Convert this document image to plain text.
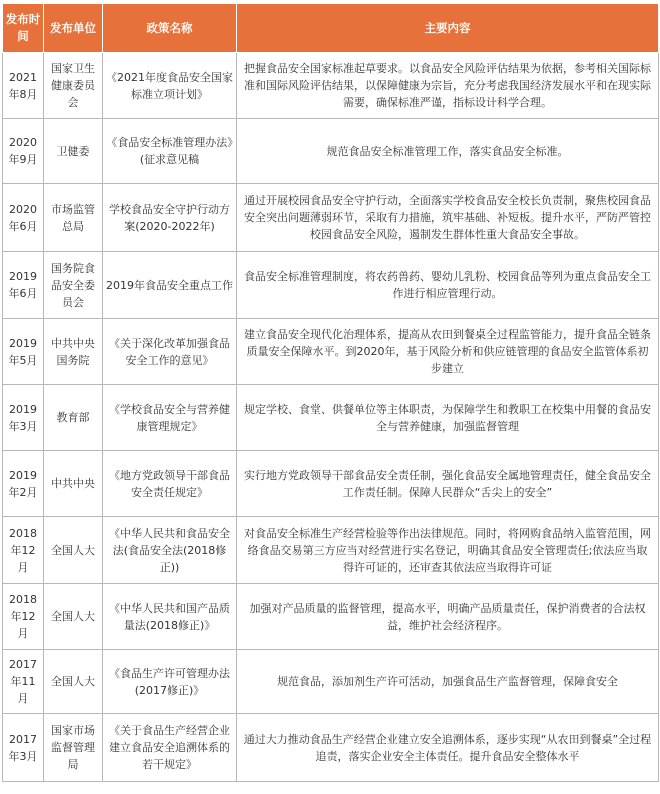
发布时间	发布单位	政策名称	主要内容
2021年8月	国家卫生健康委员会	《2021年度食品安全国家标准立项计划》	把握食品安全国家标准起草要求。以食品安全风险评估结果为依据，参考相关国际标准和国际风险评估结果，以保障健康为宗旨，充分考虑我国经济发展水平和在现实际需要，确保标准严谨，指标设计科学合理。
2020年9月	卫健委	《食品安全标准管理办法》(征求意见稿	规范食品安全标准管理工作，落实食品安全标准。
2020年6月	市场监管总局	学校食品安全守护行动方案(2020-2022年)	通过开展校园食品安全守护行动，全面落实学校食品安全校长负责制，聚焦校园食品安全突出问题薄弱环节，采取有力措施，筑牢基础、补短板。提升水平，严防严管控校园食品安全风险，遏制发生群体性重大食品安全事故。
2019年6月	国务院食品安全委员会	2019年食品安全重点工作	食品安全标准管理制度，将农药兽药、婴幼儿乳粉、校园食品等列为重点食品安全工作进行相应管理行动。
2019年5月	中共中央国务院	《关于深化改革加强食品安全工作的意见》	建立食品安全现代化治理体系，提高从农田到餐桌全过程监管能力，提升食品全链条质量安全保障水平。到2020年，基于风险分析和供应链管理的食品安全监管体系初步建立
2019年3月	教育部	《学校食品安全与营养健康管理规定》	规定学校、食堂、供餐单位等主体职责，为保障学生和教职工在校集中用餐的食品安全与营养健康，加强监督管理
2019年2月	中共中央	《地方党政领导干部食品安全责任规定》	实行地方党政领导干部食品安全责任制，强化食品安全属地管理责任，健全食品安全工作责任制。保障人民群众“舌尖上的安全”
2018年12月	全国人大	《中华人民共和食品安全法(食品安全法(2018修正))	对食品安全标准生产经营检验等作出法律规范。同时，将网购食品纳入监管范围，网络食品交易第三方应当对经营进行实名登记，明确其食品安全管理责任;依法应当取得许可证的，还审查其依法应当取得许可证
2018年12月	全国人大	《中华人民共和国产品质量法(2018修正)》	加强对产品质量的监督管理，提高水平，明确产品质量责任，保护消费者的合法权益，维护社会经济程序。
2017年11月	全国人大	《食品生产许可管理办法(2017修正)》	规范食品，添加剂生产许可活动，加强食品生产监督管理，保障食安全
2017年3月	国家市场监督管理局	《关于食品生产经营企业建立食品安全追溯体系的若干规定》	通过大力推动食品生产经营企业建立安全追溯体系，逐步实现“从农田到餐桌”全过程追责，落实企业安全主体责任。提升食品安全整体水平
